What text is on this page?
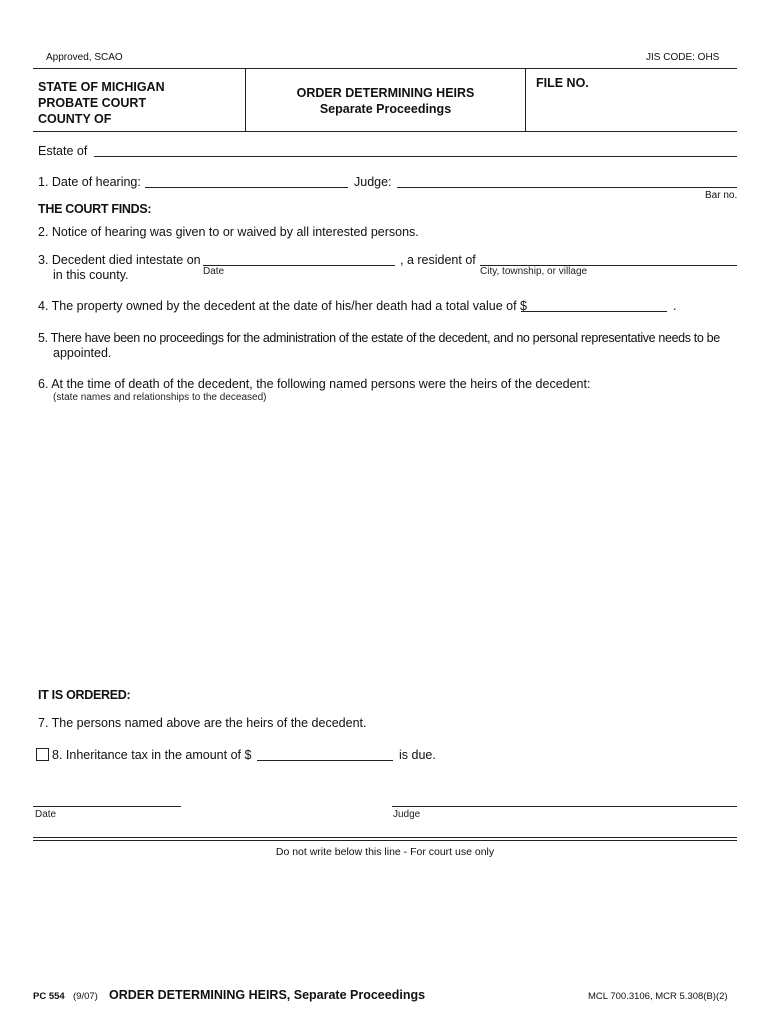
Approved, SCAO	JIS CODE: OHS
STATE OF MICHIGAN
PROBATE COURT
COUNTY OF
ORDER DETERMINING HEIRS
Separate Proceedings
FILE NO.
Estate of
1. Date of hearing:	Judge:
Bar no.
THE COURT FINDS:
2. Notice of hearing was given to or waived by all interested persons.
3. Decedent died intestate on
Date
, a resident of
City, township, or village
in this county.
4. The property owned by the decedent at the date of his/her death had a total value of $	.
5. There have been no proceedings for the administration of the estate of the decedent, and no personal representative needs to be
appointed.
6. At the time of death of the decedent, the following named persons were the heirs of the decedent:
(state names and relationships to the deceased)
IT IS ORDERED:
7. The persons named above are the heirs of the decedent.
8. Inheritance tax in the amount of $	is due.
Date	Judge
Do not write below this line - For court use only
PC 554 (9/07) ORDER DETERMINING HEIRS, Separate Proceedings	MCL 700.3106, MCR 5.308(B)(2)
